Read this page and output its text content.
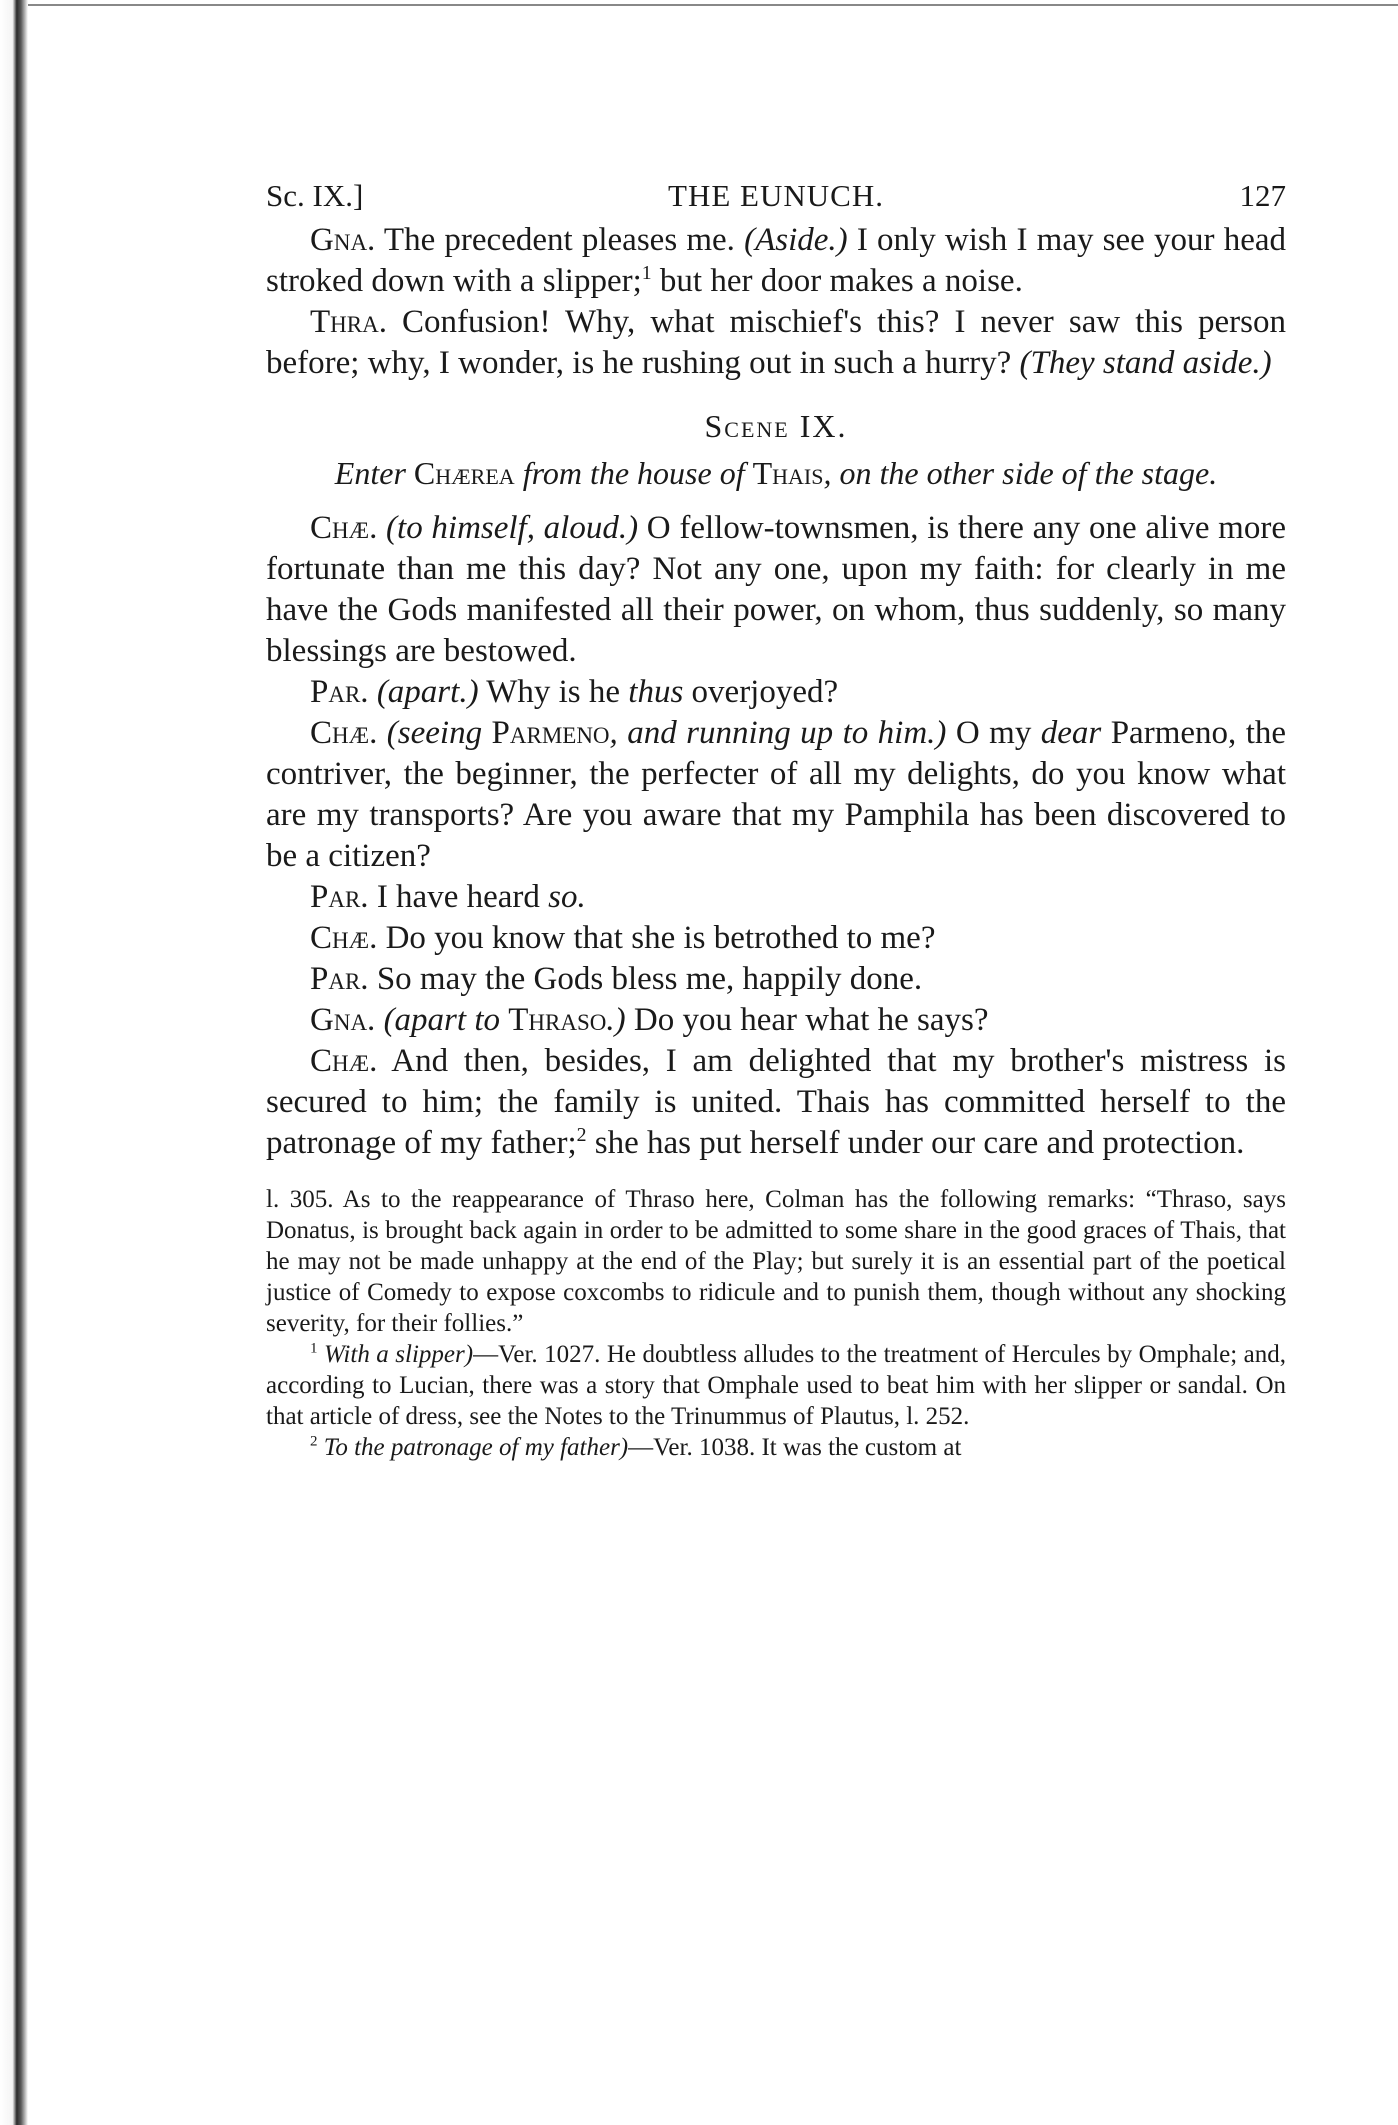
Sc. IX.]	THE EUNUCH.	127

Gna. The precedent pleases me. (Aside.) I only wish I may see your head stroked down with a slipper;$^1$ but her door makes a noise.

Thra. Confusion! Why, what mischief's this? I never saw this person before; why, I wonder, is he rushing out in such a hurry? (They stand aside.)

Scene IX.
Enter Chærea from the house of Thais, on the other side of the stage.

Chæ. (to himself, aloud.) O fellow-townsmen, is there any one alive more fortunate than me this day? Not any one, upon my faith: for clearly in me have the Gods manifested all their power, on whom, thus suddenly, so many blessings are bestowed.

Par. (apart.) Why is he thus overjoyed?

Chæ. (seeing Parmeno, and running up to him.) O my dear Parmeno, the contriver, the beginner, the perfecter of all my delights, do you know what are my transports? Are you aware that my Pamphila has been discovered to be a citizen?

Par. I have heard so.

Chæ. Do you know that she is betrothed to me?

Par. So may the Gods bless me, happily done.

Gna. (apart to Thraso.) Do you hear what he says?

Chæ. And then, besides, I am delighted that my brother's mistress is secured to him; the family is united. Thais has committed herself to the patronage of my father;$^2$ she has put herself under our care and protection.

l. 305. As to the reappearance of Thraso here, Colman has the following remarks: “Thraso, says Donatus, is brought back again in order to be admitted to some share in the good graces of Thais, that he may not be made unhappy at the end of the Play; but surely it is an essential part of the poetical justice of Comedy to expose coxcombs to ridicule and to punish them, though without any shocking severity, for their follies.”

$^1$ With a slipper)—Ver. 1027. He doubtless alludes to the treatment of Hercules by Omphale; and, according to Lucian, there was a story that Omphale used to beat him with her slipper or sandal. On that article of dress, see the Notes to the Trinummus of Plautus, l. 252.

$^2$ To the patronage of my father)—Ver. 1038. It was the custom at
